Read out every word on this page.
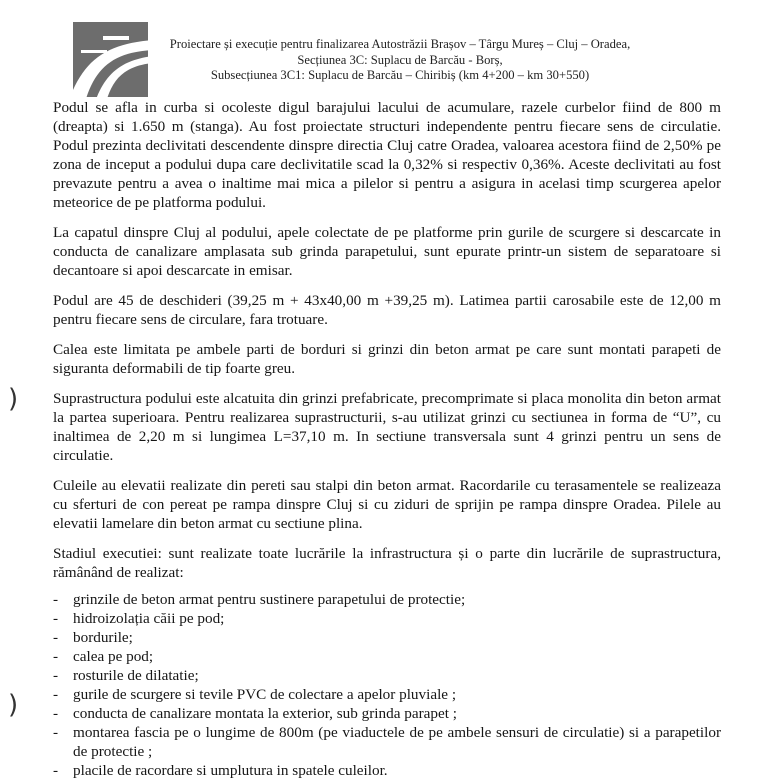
Proiectare și execuție pentru finalizarea Autostrăzii Brașov – Târgu Mureș – Cluj – Oradea,
Secțiunea 3C: Suplacu de Barcău - Borș,
Subsecțiunea 3C1: Suplacu de Barcău – Chiribiș (km 4+200 – km 30+550)
)
)

Podul se afla in curba si ocoleste digul barajului lacului de acumulare, razele curbelor fiind de 800 m (dreapta) si 1.650 m (stanga). Au fost proiectate structuri independente pentru fiecare sens de circulatie. Podul prezinta declivitati descendente dinspre directia Cluj catre Oradea, valoarea acestora fiind de 2,50% pe zona de inceput a podului dupa care declivitatile scad la 0,32% si respectiv 0,36%. Aceste declivitati au fost prevazute pentru a avea o inaltime mai mica a pilelor si pentru a asigura in acelasi timp scurgerea apelor meteorice de pe platforma podului.

La capatul dinspre Cluj al podului, apele colectate de pe platforme prin gurile de scurgere si descarcate in conducta de canalizare amplasata sub grinda parapetului, sunt epurate printr-un sistem de separatoare si decantoare si apoi descarcate in emisar.

Podul are 45 de deschideri (39,25 m + 43x40,00 m +39,25 m). Latimea partii carosabile este de 12,00 m pentru fiecare sens de circulare, fara trotuare.

Calea este limitata pe ambele parti de borduri si grinzi din beton armat pe care sunt montati parapeti de siguranta deformabili de tip foarte greu.

Suprastructura podului este alcatuita din grinzi prefabricate, precomprimate si placa monolita din beton armat la partea superioara. Pentru realizarea suprastructurii, s-au utilizat grinzi cu sectiunea in forma de “U”, cu inaltimea de 2,20 m si lungimea L=37,10 m. In sectiune transversala sunt 4 grinzi pentru un sens de circulatie.

Culeile au elevatii realizate din pereti sau stalpi din beton armat. Racordarile cu terasamentele se realizeaza cu sferturi de con pereat pe rampa dinspre Cluj si cu ziduri de sprijin pe rampa dinspre Oradea. Pilele au elevatii lamelare din beton armat cu sectiune plina.

Stadiul executiei: sunt realizate toate lucrările la infrastructura și o parte din lucrările de suprastructura, rămânând de realizat:

- grinzile de beton armat pentru sustinere parapetului de protectie;
- hidroizolația căii pe pod;
- bordurile;
- calea pe pod;
- rosturile de dilatatie;
- gurile de scurgere si tevile PVC de colectare a apelor pluviale ;
- conducta de canalizare montata la exterior, sub grinda parapet ;
- montarea fascia pe o lungime de 800m (pe viaductele de pe ambele sensuri de circulatie) si a parapetilor de protectie ;
- placile de racordare si umplutura in spatele culeilor.
